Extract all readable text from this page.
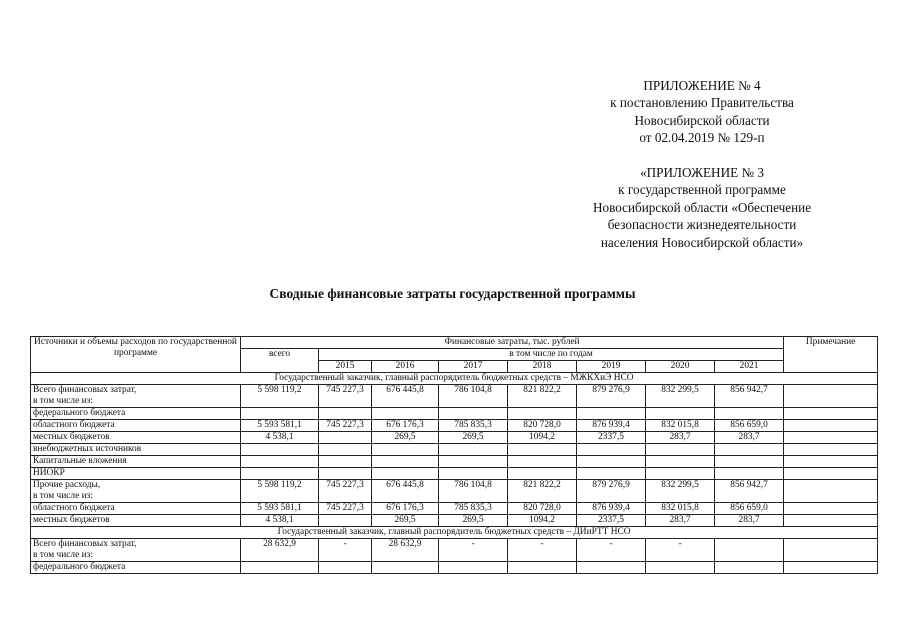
ПРИЛОЖЕНИЕ № 4
к постановлению Правительства
Новосибирской области
от 02.04.2019 № 129-п
«ПРИЛОЖЕНИЕ № 3
к государственной программе
Новосибирской области «Обеспечение
безопасности жизнедеятельности
населения Новосибирской области»
Сводные финансовые затраты государственной программы
Источники и объемы расходов по государственной программе	Финансовые затраты, тыс. рублей								Примечание
	всего	в том числе по годам							
		2015	2016	2017	2018	2019	2020	2021	
Государственный заказчик, главный распорядитель бюджетных средств – МЖКХиЭ НСО									
Всего финансовых затрат,
в том числе из:	5 598 119,2	745 227,3	676 445,8	786 104,8	821 822,2	879 276,9	832 299,5	856 942,7	
федерального бюджета									
областного бюджета	5 593 581,1	745 227,3	676 176,3	785 835,3	820 728,0	876 939,4	832 015,8	856 659,0	
местных бюджетов	4 538,1		269,5	269,5	1094,2	2337,5	283,7	283,7	
внебюджетных источников									
Капитальные вложения									
НИОКР									
Прочие расходы,
в том числе из:	5 598 119,2	745 227,3	676 445,8	786 104,8	821 822,2	879 276,9	832 299,5	856 942,7	
областного бюджета	5 593 581,1	745 227,3	676 176,3	785 835,3	820 728,0	876 939,4	832 015,8	856 659,0	
местных бюджетов	4 538,1		269,5	269,5	1094,2	2337,5	283,7	283,7	
Государственный заказчик, главный распорядитель бюджетных средств – ДИиРТТ НСО									
Всего финансовых затрат,
в том числе из:	28 632,9	-	28 632,9	-	-	-	-		
федерального бюджета									
